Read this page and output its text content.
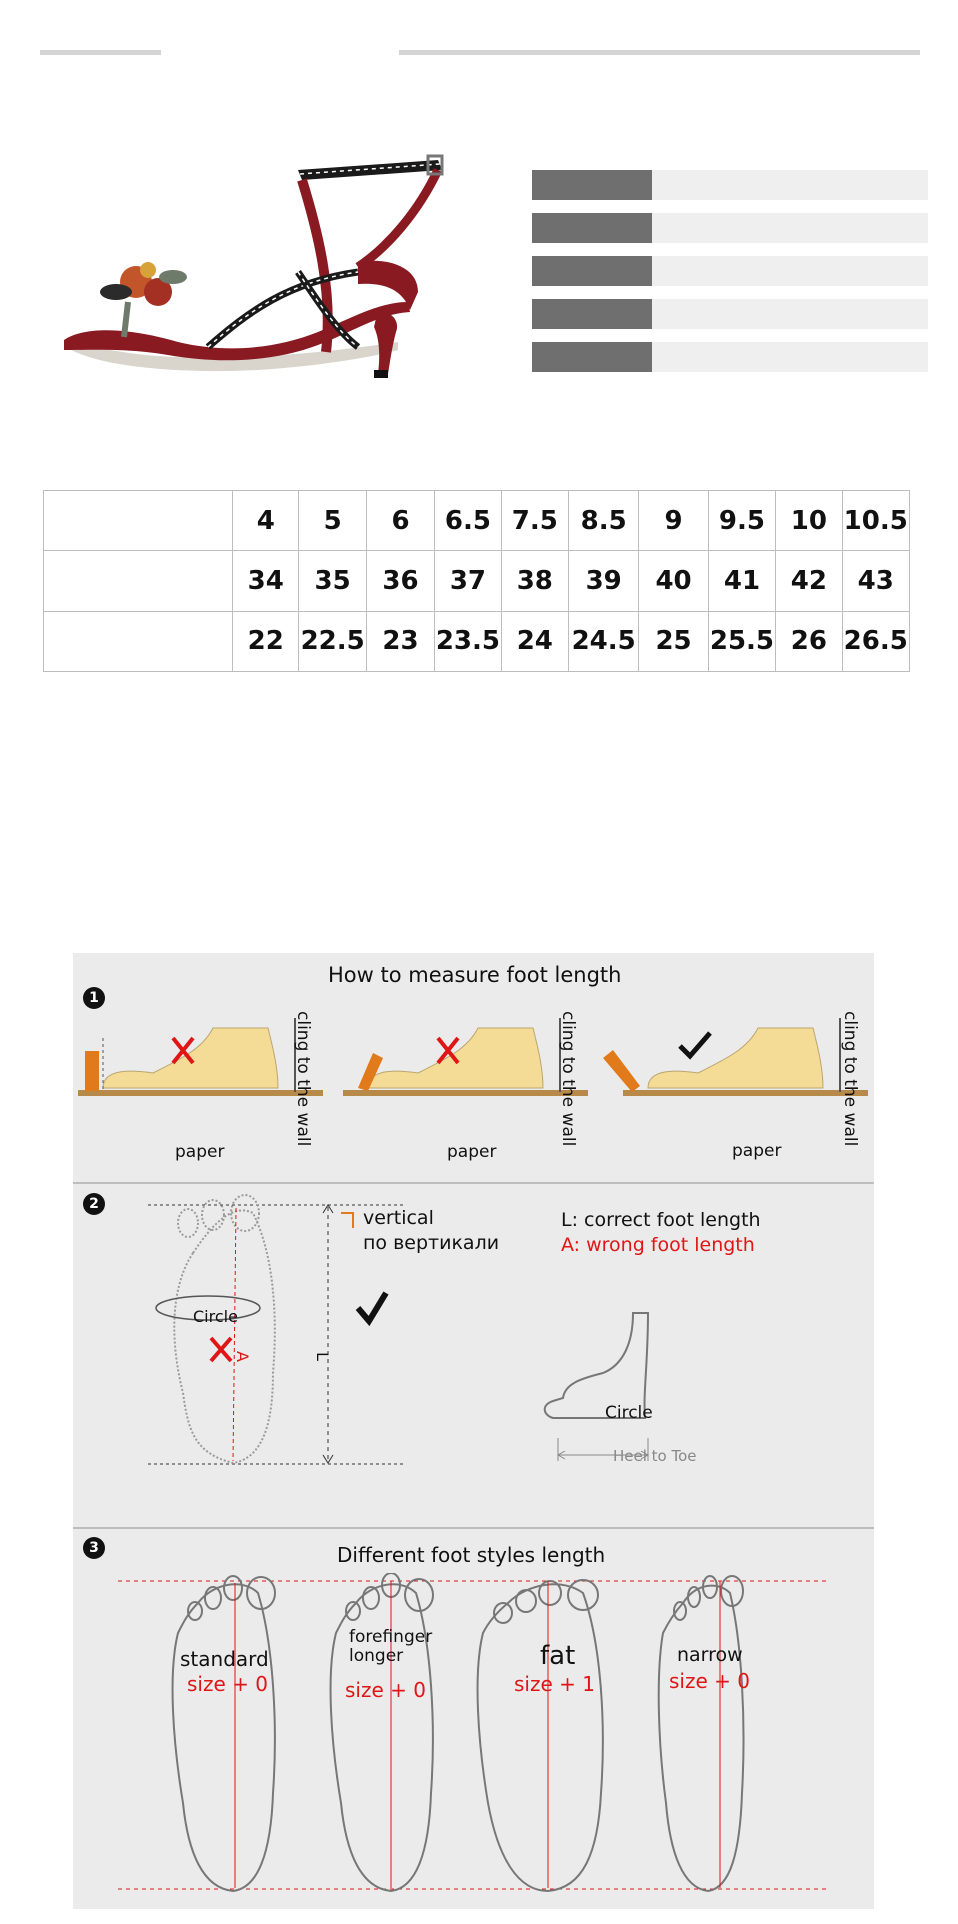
	4	5	6	6.5	7.5	8.5	9	9.5	10	10.5
	34	35	36	37	38	39	40	41	42	43
	22	22.5	23	23.5	24	24.5	25	25.5	26	26.5
How to measure foot length
1
paper	paper	paper
cling to the wall	cling to the wall	cling to the wall
2
vertical
по вертикали
L: correct foot length
A: wrong foot length
Circle
A	L
Circle
Heel to Toe
3	Different foot styles length
standard
size + 0
forefinger
longer
size + 0
fat
size + 1
narrow
size + 0
